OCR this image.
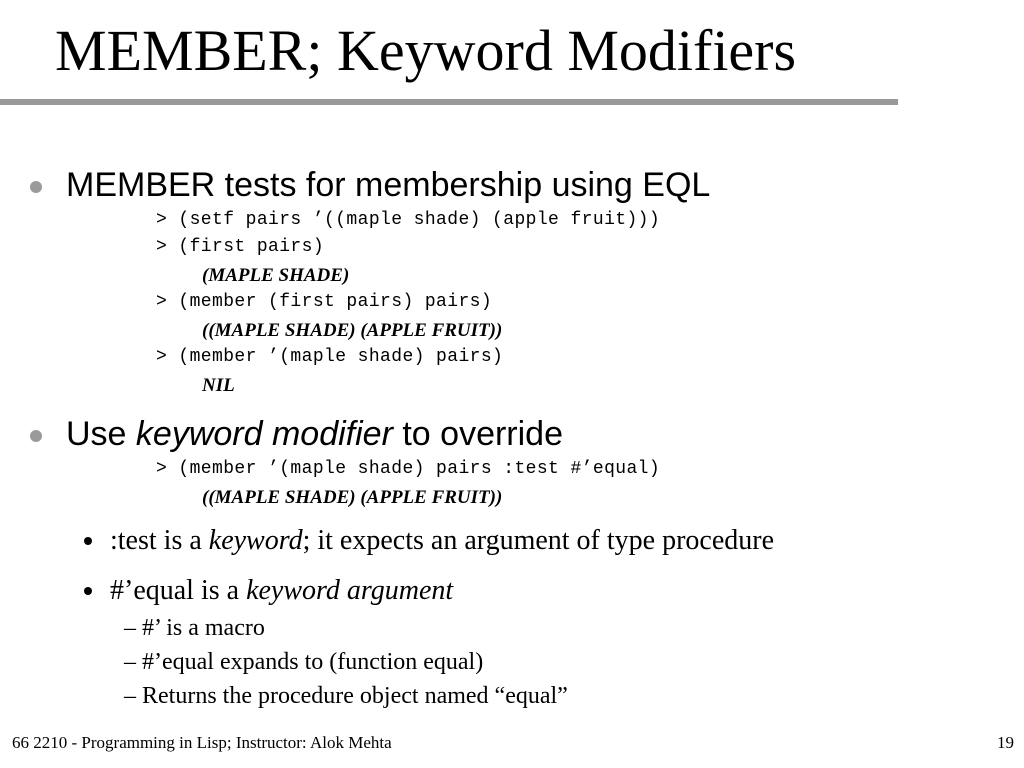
MEMBER; Keyword Modifiers
MEMBER tests for membership using EQL
> (setf pairs ’((maple shade) (apple fruit)))
> (first pairs)
(MAPLE SHADE)
> (member (first pairs) pairs)
((MAPLE SHADE) (APPLE FRUIT))
> (member ’(maple shade) pairs)
NIL
Use keyword modifier to override
> (member ’(maple shade) pairs :test #’equal)
((MAPLE SHADE) (APPLE FRUIT))
:test is a keyword; it expects an argument of type procedure
#’equal is a keyword argument
– #’ is a macro
– #’equal expands to (function equal)
– Returns the procedure object named “equal”
66 2210 - Programming in Lisp; Instructor: Alok Mehta	19
